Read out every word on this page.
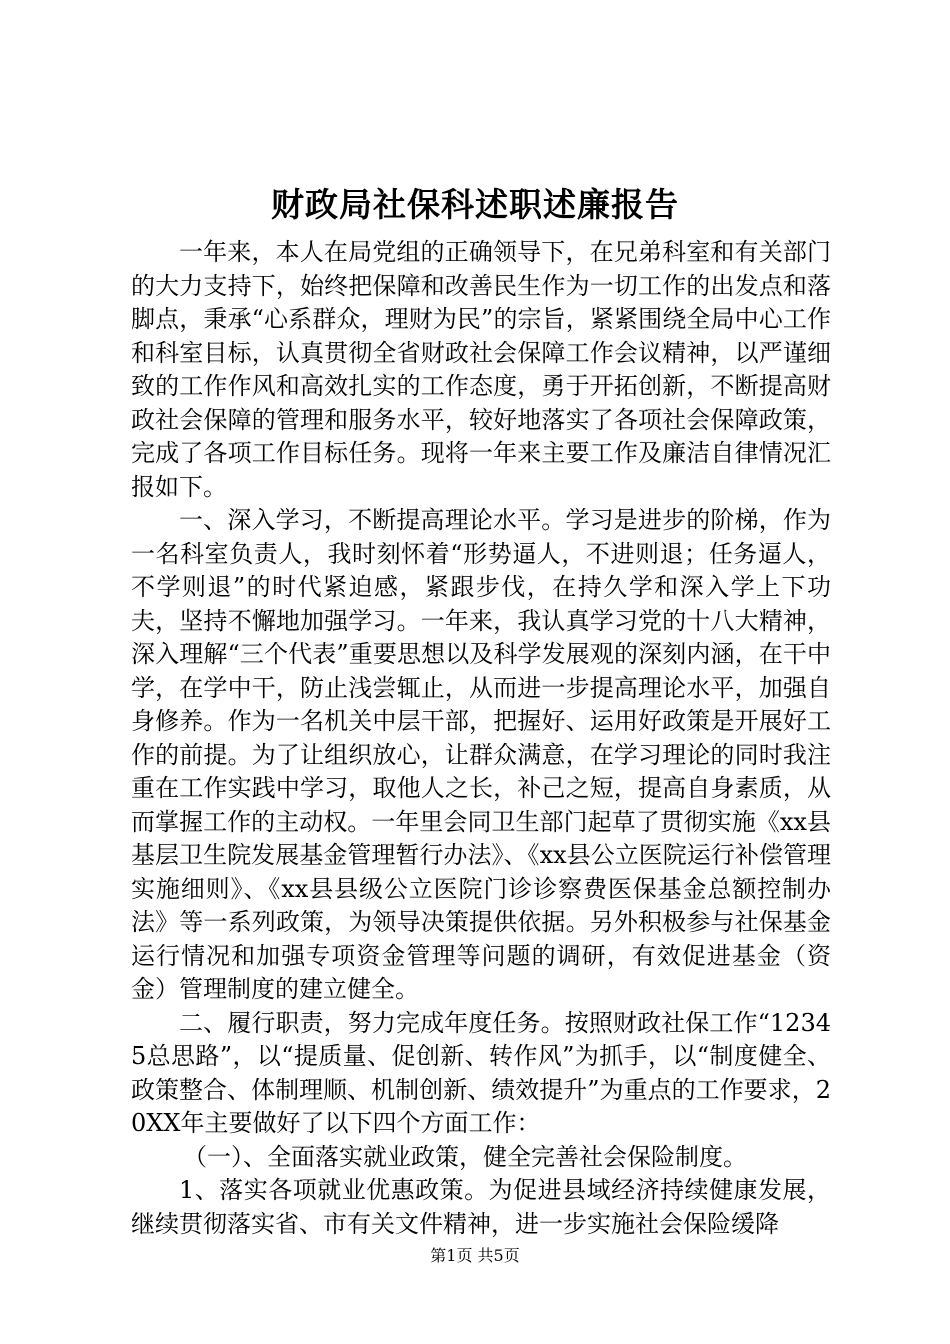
财政局社保科述职述廉报告

一年来，本人在局党组的正确领导下，在兄弟科室和有关部门的大力支持下，始终把保障和改善民生作为一切工作的出发点和落脚点，秉承“心系群众，理财为民”的宗旨，紧紧围绕全局中心工作和科室目标，认真贯彻全省财政社会保障工作会议精神，以严谨细致的工作作风和高效扎实的工作态度，勇于开拓创新，不断提高财政社会保障的管理和服务水平，较好地落实了各项社会保障政策，完成了各项工作目标任务。现将一年来主要工作及廉洁自律情况汇报如下。

一、深入学习，不断提高理论水平。学习是进步的阶梯，作为一名科室负责人，我时刻怀着“形势逼人，不进则退；任务逼人，不学则退”的时代紧迫感，紧跟步伐，在持久学和深入学上下功夫，坚持不懈地加强学习。一年来，我认真学习党的十八大精神，深入理解“三个代表”重要思想以及科学发展观的深刻内涵，在干中学，在学中干，防止浅尝辄止，从而进一步提高理论水平，加强自身修养。作为一名机关中层干部，把握好、运用好政策是开展好工作的前提。为了让组织放心，让群众满意，在学习理论的同时我注重在工作实践中学习，取他人之长，补己之短，提高自身素质，从而掌握工作的主动权。一年里会同卫生部门起草了贯彻实施《xx县基层卫生院发展基金管理暂行办法》、《xx县公立医院运行补偿管理实施细则》、《xx县县级公立医院门诊诊察费医保基金总额控制办法》等一系列政策，为领导决策提供依据。另外积极参与社保基金运行情况和加强专项资金管理等问题的调研，有效促进基金（资金）管理制度的建立健全。

二、履行职责，努力完成年度任务。按照财政社保工作“12345总思路”，以“提质量、促创新、转作风”为抓手，以“制度健全、政策整合、体制理顺、机制创新、绩效提升”为重点的工作要求，20XX年主要做好了以下四个方面工作：

（一）、全面落实就业政策，健全完善社会保险制度。

1、落实各项就业优惠政策。为促进县域经济持续健康发展，继续贯彻落实省、市有关文件精神，进一步实施社会保险缓降

第1页 共5页
